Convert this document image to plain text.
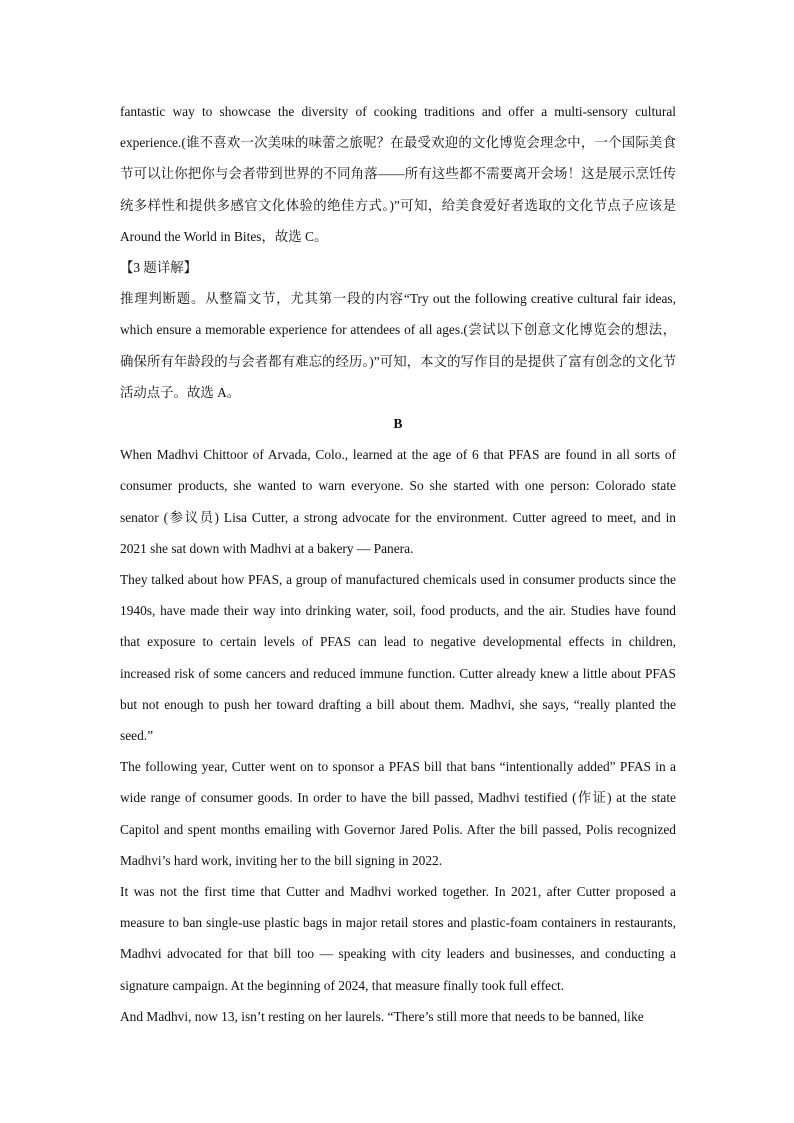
fantastic way to showcase the diversity of cooking traditions and offer a multi-sensory cultural experience.(谁不喜欢一次美味的味蕾之旅呢？在最受欢迎的文化博览会理念中，一个国际美食节可以让你把你与会者带到世界的不同角落——所有这些都不需要离开会场！这是展示烹饪传统多样性和提供多感官文化体验的绝佳方式。)”可知，给美食爱好者选取的文化节点子应该是 Around the World in Bites，故选 C。

【3 题详解】

推理判断题。从整篇文节，尤其第一段的内容“Try out the following creative cultural fair ideas, which ensure a memorable experience for attendees of all ages.(尝试以下创意文化博览会的想法，确保所有年龄段的与会者都有难忘的经历。)”可知，本文的写作目的是提供了富有创念的文化节活动点子。故选 A。

B

When Madhvi Chittoor of Arvada, Colo., learned at the age of 6 that PFAS are found in all sorts of consumer products, she wanted to warn everyone. So she started with one person: Colorado state senator (参议员) Lisa Cutter, a strong advocate for the environment. Cutter agreed to meet, and in 2021 she sat down with Madhvi at a bakery — Panera.

They talked about how PFAS, a group of manufactured chemicals used in consumer products since the 1940s, have made their way into drinking water, soil, food products, and the air. Studies have found that exposure to certain levels of PFAS can lead to negative developmental effects in children, increased risk of some cancers and reduced immune function. Cutter already knew a little about PFAS but not enough to push her toward drafting a bill about them. Madhvi, she says, “really planted the seed.”

The following year, Cutter went on to sponsor a PFAS bill that bans “intentionally added” PFAS in a wide range of consumer goods. In order to have the bill passed, Madhvi testified (作证) at the state Capitol and spent months emailing with Governor Jared Polis. After the bill passed, Polis recognized Madhvi’s hard work, inviting her to the bill signing in 2022.

It was not the first time that Cutter and Madhvi worked together. In 2021, after Cutter proposed a measure to ban single-use plastic bags in major retail stores and plastic-foam containers in restaurants, Madhvi advocated for that bill too — speaking with city leaders and businesses, and conducting a signature campaign. At the beginning of 2024, that measure finally took full effect.

And Madhvi, now 13, isn’t resting on her laurels. “There’s still more that needs to be banned, like
